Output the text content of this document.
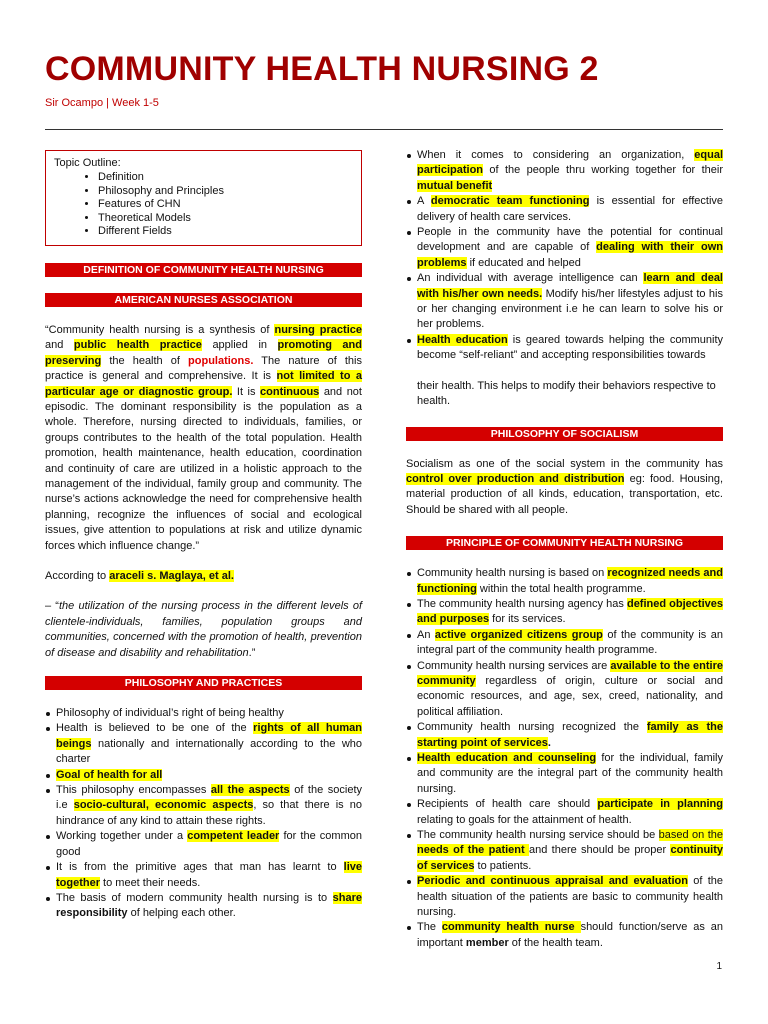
COMMUNITY HEALTH NURSING 2
Sir Ocampo | Week 1-5
Topic Outline:
• Definition
• Philosophy and Principles
• Features of CHN
• Theoretical Models
• Different Fields
DEFINITION OF COMMUNITY HEALTH NURSING
AMERICAN NURSES ASSOCIATION

“Community health nursing is a synthesis of nursing practice and public health practice applied in promoting and preserving the health of populations. The nature of this practice is general and comprehensive. It is not limited to a particular age or diagnostic group. It is continuous and not episodic. The dominant responsibility is the population as a whole. Therefore, nursing directed to individuals, families, or groups contributes to the health of the total population. Health promotion, health maintenance, health education, coordination and continuity of care are utilized in a holistic approach to the management of the individual, family group and community. The nurse’s actions acknowledge the need for comprehensive health planning, recognize the influences of social and ecological issues, give attention to populations at risk and utilize dynamic forces which influence change.”

According to araceli s. Maglaya, et al.

– “the utilization of the nursing process in the different levels of clientele-individuals, families, population groups and communities, concerned with the promotion of health, prevention of disease and disability and rehabilitation.”

PHILOSOPHY AND PRACTICES
Philosophy of individual’s right of being healthy
Health is believed to be one of the rights of all human beings nationally and internationally according to the who charter
Goal of health for all
This philosophy encompasses all the aspects of the society i.e socio-cultural, economic aspects, so that there is no hindrance of any kind to attain these rights.
Working together under a competent leader for the common good
It is from the primitive ages that man has learnt to live together to meet their needs.
The basis of modern community health nursing is to share responsibility of helping each other.
When it comes to considering an organization, equal participation of the people thru working together for their mutual benefit
A democratic team functioning is essential for effective delivery of health care services.
People in the community have the potential for continual development and are capable of dealing with their own problems if educated and helped
An individual with average intelligence can learn and deal with his/her own needs. Modify his/her lifestyles adjust to his or her changing environment i.e he can learn to solve his or her problems.
Health education is geared towards helping the community become “self-reliant” and accepting responsibilities towards
their health. This helps to modify their behaviors respective to health.
PHILOSOPHY OF SOCIALISM

Socialism as one of the social system in the community has control over production and distribution eg: food. Housing, material production of all kinds, education, transportation, etc. Should be shared with all people.

PRINCIPLE OF COMMUNITY HEALTH NURSING
Community health nursing is based on recognized needs and functioning within the total health programme.
The community health nursing agency has defined objectives and purposes for its services.
An active organized citizens group of the community is an integral part of the community health programme.
Community health nursing services are available to the entire community regardless of origin, culture or social and economic resources, and age, sex, creed, nationality, and political affiliation.
Community health nursing recognized the family as the starting point of services.
Health education and counseling for the individual, family and community are the integral part of the community health nursing.
Recipients of health care should participate in planning relating to goals for the attainment of health.
The community health nursing service should be based on the needs of the patient and there should be proper continuity of services to patients.
Periodic and continuous appraisal and evaluation of the health situation of the patients are basic to community health nursing.
The community health nurse should function/serve as an important member of the health team.
1
